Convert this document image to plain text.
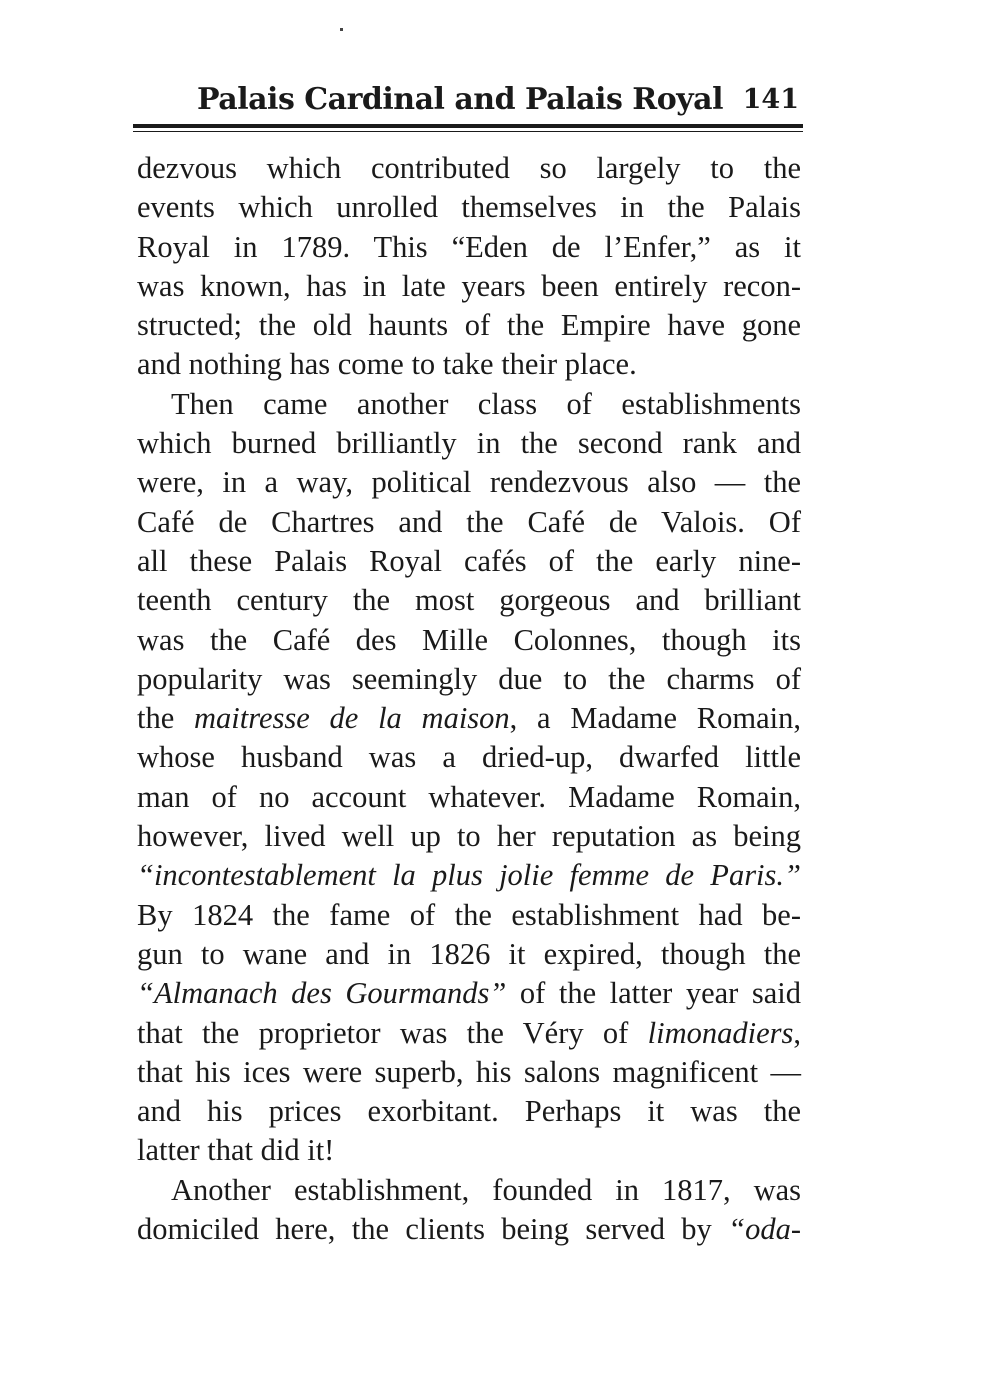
Palais Cardinal and Palais Royal 141
dezvous which contributed so largely to the
events which unrolled themselves in the Palais
Royal in 1789. This “Eden de l’Enfer,” as it
was known, has in late years been entirely recon-
structed; the old haunts of the Empire have gone
and nothing has come to take their place.
Then came another class of establishments
which burned brilliantly in the second rank and
were, in a way, political rendezvous also — the
Café de Chartres and the Café de Valois. Of
all these Palais Royal cafés of the early nine-
teenth century the most gorgeous and brilliant
was the Café des Mille Colonnes, though its
popularity was seemingly due to the charms of
the maitresse de la maison, a Madame Romain,
whose husband was a dried-up, dwarfed little
man of no account whatever. Madame Romain,
however, lived well up to her reputation as being
“incontestablement la plus jolie femme de Paris.”
By 1824 the fame of the establishment had be-
gun to wane and in 1826 it expired, though the
“Almanach des Gourmands” of the latter year said
that the proprietor was the Véry of limonadiers,
that his ices were superb, his salons magnificent —
and his prices exorbitant. Perhaps it was the
latter that did it!
Another establishment, founded in 1817, was
domiciled here, the clients being served by “oda-
